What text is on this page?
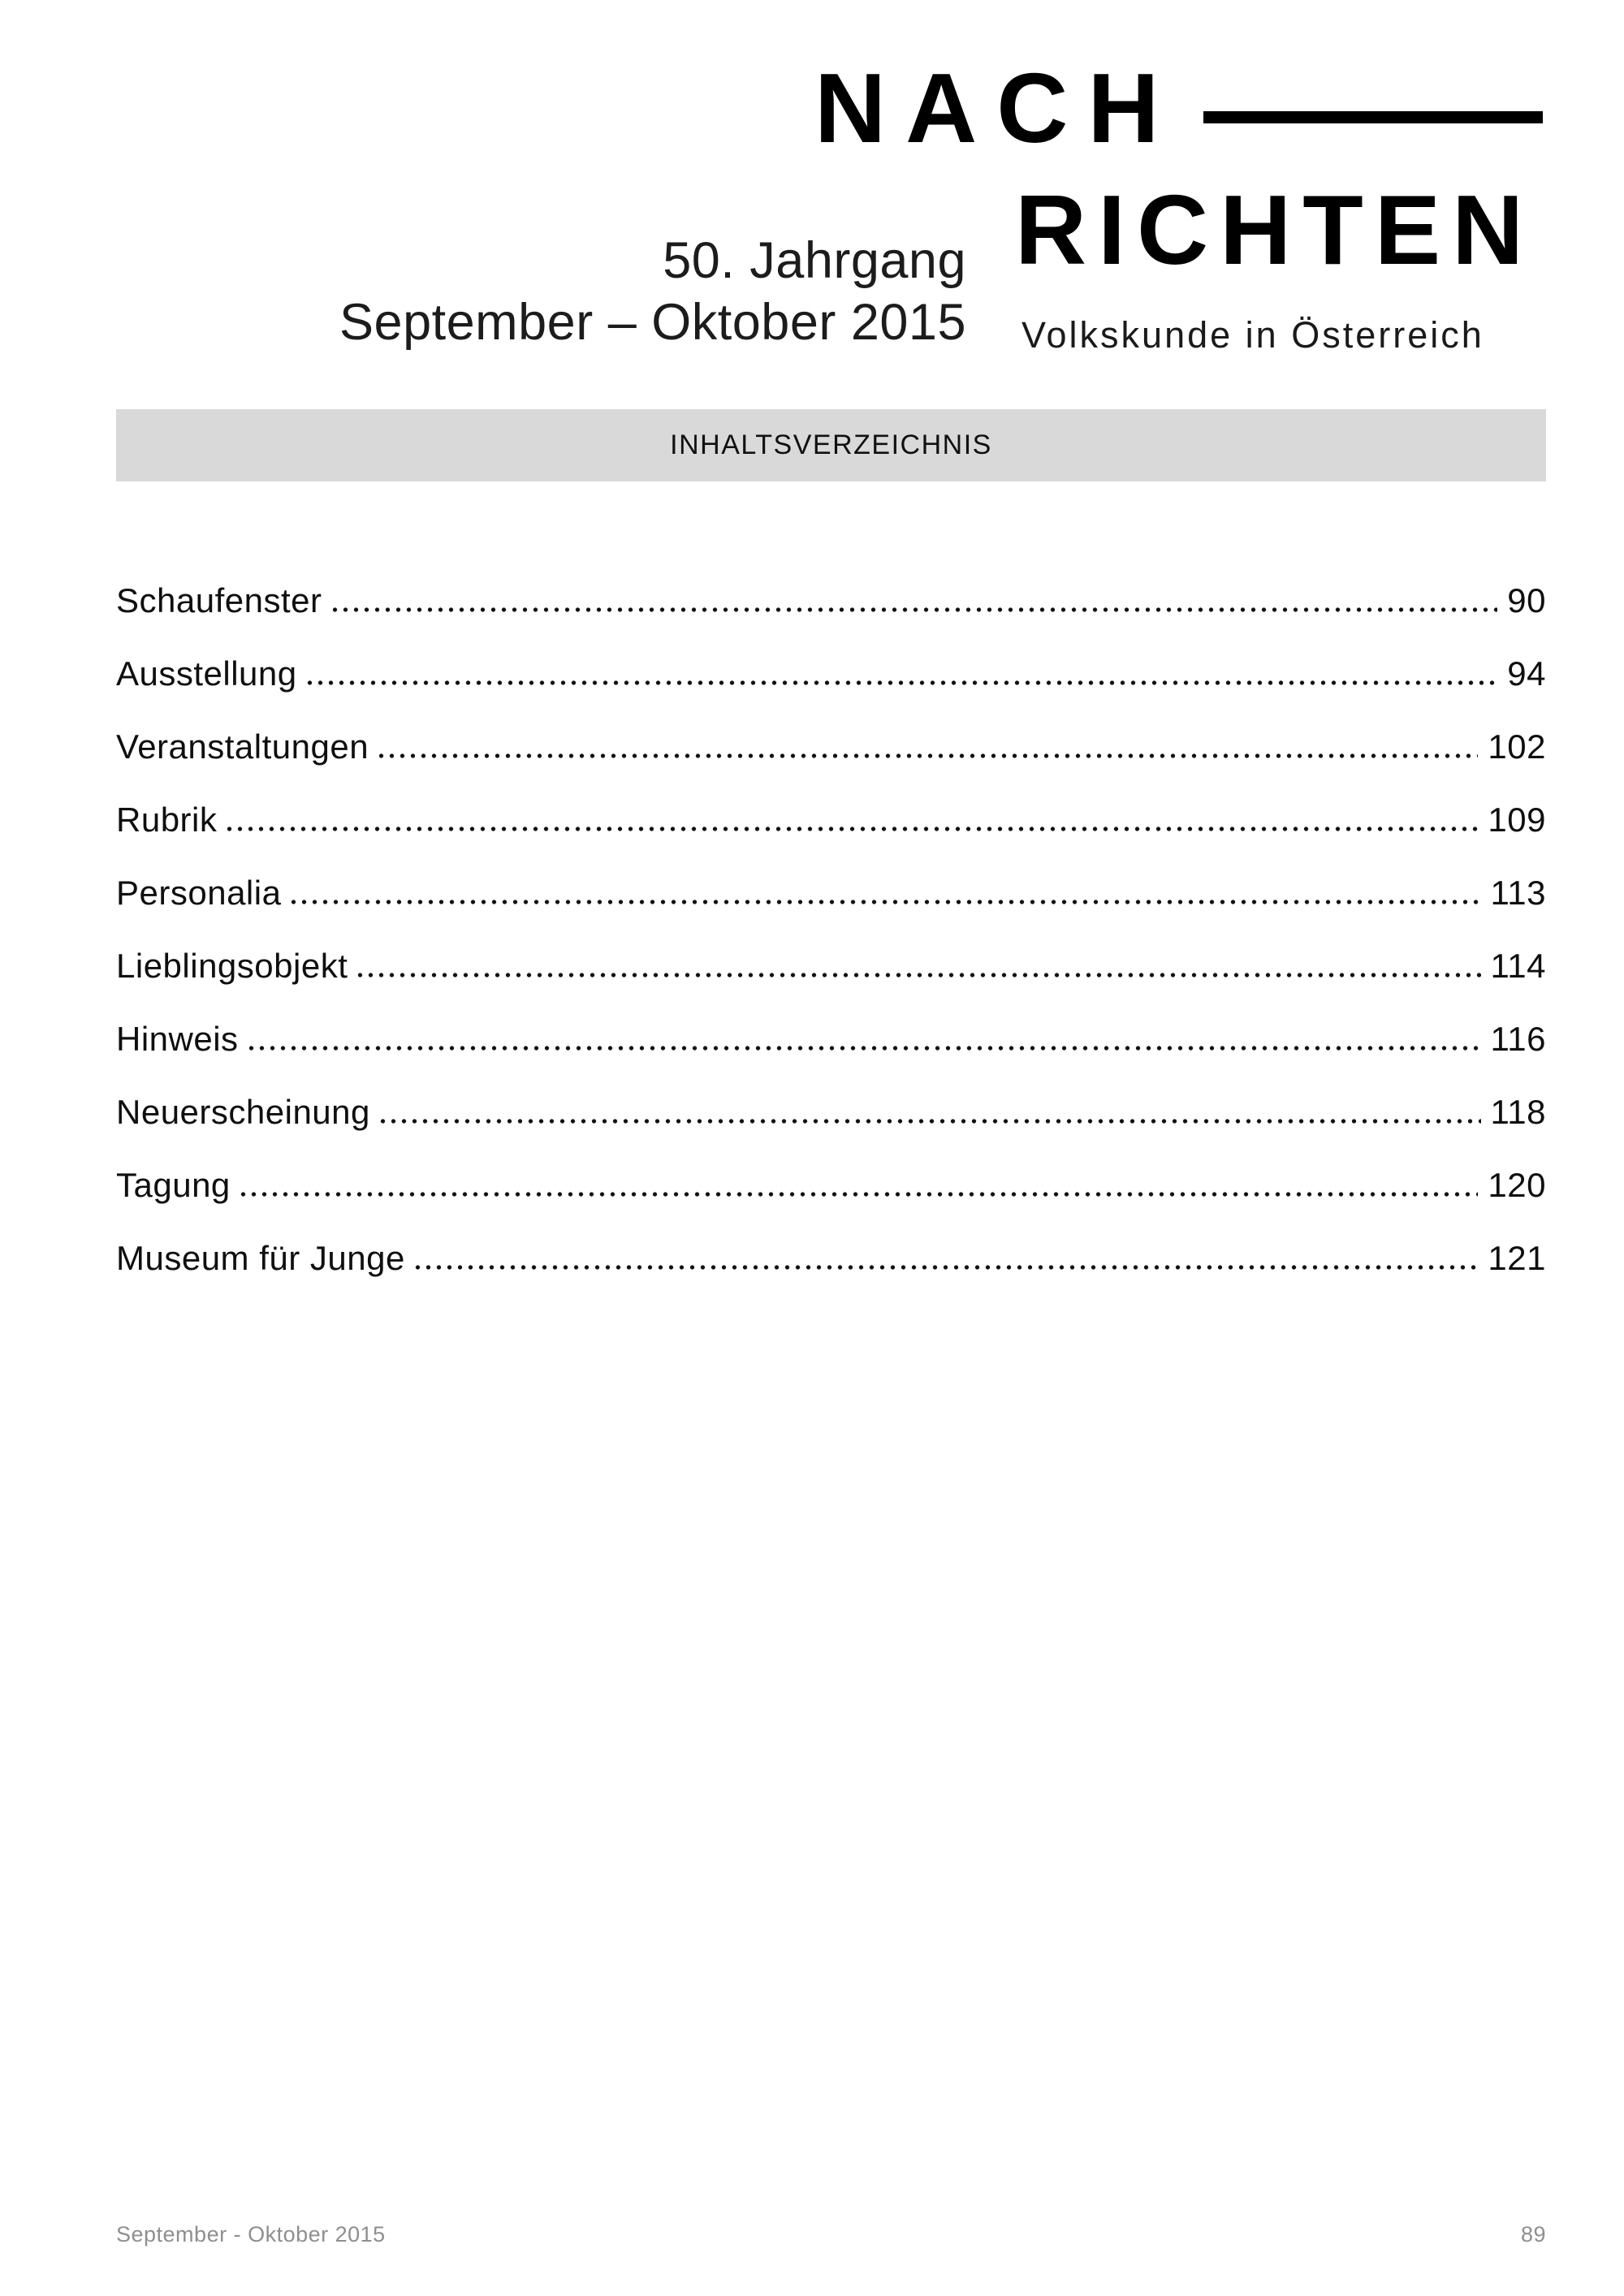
50. Jahrgang
September – Oktober 2015
NACH
RICHTEN
Volkskunde in Österreich
INHALTSVERZEICHNIS
Schaufenster	90
Ausstellung	94
Veranstaltungen	102
Rubrik	109
Personalia	113
Lieblingsobjekt	114
Hinweis	116
Neuerscheinung	118
Tagung	120
Museum für Junge	121
September - Oktober 2015	89
